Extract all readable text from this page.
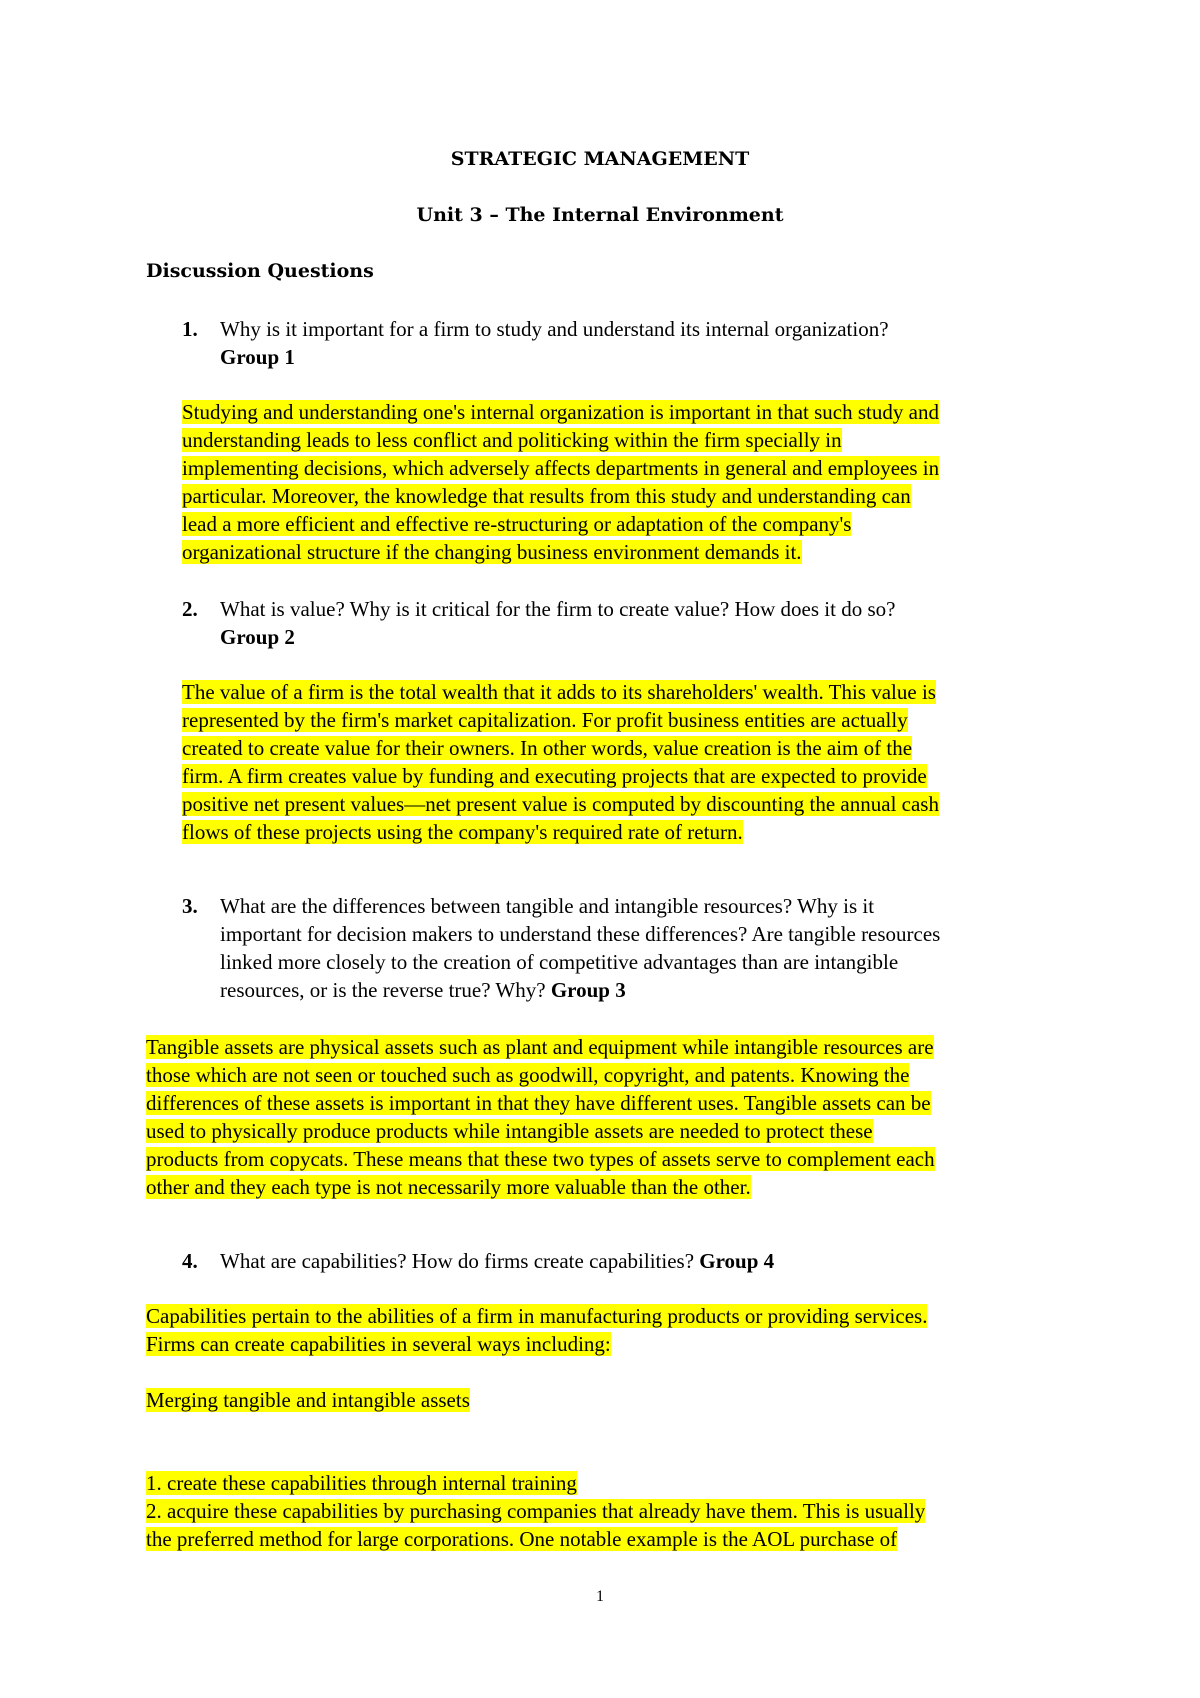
STRATEGIC MANAGEMENT
Unit 3 – The Internal Environment
Discussion Questions
1. Why is it important for a firm to study and understand its internal organization?
Group 1
Studying and understanding one's internal organization is important in that such study and
understanding leads to less conflict and politicking within the firm specially in
implementing decisions, which adversely affects departments in general and employees in
particular. Moreover, the knowledge that results from this study and understanding can
lead a more efficient and effective re-structuring or adaptation of the company's
organizational structure if the changing business environment demands it.
2. What is value? Why is it critical for the firm to create value? How does it do so?
Group 2
The value of a firm is the total wealth that it adds to its shareholders' wealth. This value is
represented by the firm's market capitalization. For profit business entities are actually
created to create value for their owners. In other words, value creation is the aim of the
firm. A firm creates value by funding and executing projects that are expected to provide
positive net present values—net present value is computed by discounting the annual cash
flows of these projects using the company's required rate of return.
3. What are the differences between tangible and intangible resources? Why is it
important for decision makers to understand these differences? Are tangible resources
linked more closely to the creation of competitive advantages than are intangible
resources, or is the reverse true? Why? Group 3
Tangible assets are physical assets such as plant and equipment while intangible resources are
those which are not seen or touched such as goodwill, copyright, and patents. Knowing the
differences of these assets is important in that they have different uses. Tangible assets can be
used to physically produce products while intangible assets are needed to protect these
products from copycats. These means that these two types of assets serve to complement each
other and they each type is not necessarily more valuable than the other.
4. What are capabilities? How do firms create capabilities? Group 4
Capabilities pertain to the abilities of a firm in manufacturing products or providing services.
Firms can create capabilities in several ways including:
Merging tangible and intangible assets
1. create these capabilities through internal training
2. acquire these capabilities by purchasing companies that already have them. This is usually
the preferred method for large corporations. One notable example is the AOL purchase of
1
